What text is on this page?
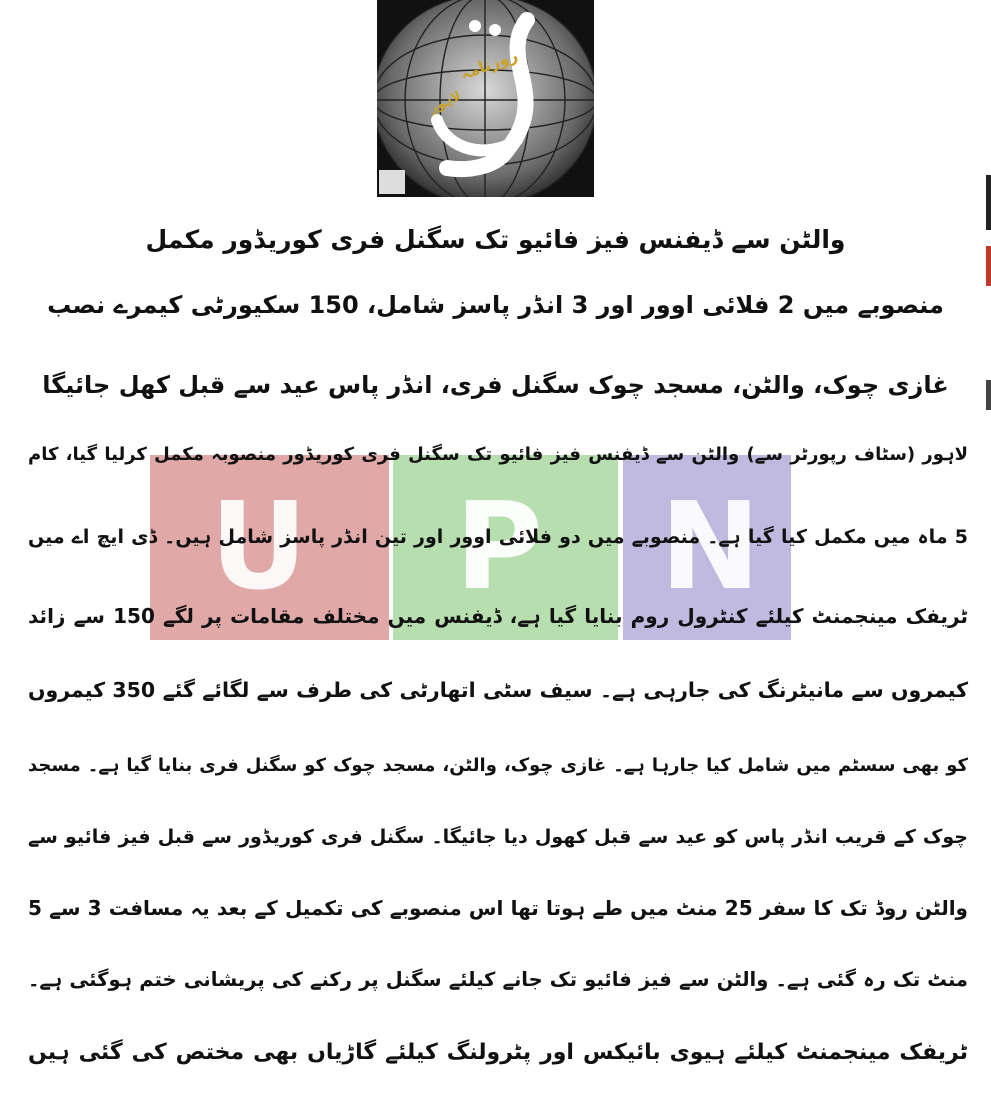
روزنامہ
لاہور
والٹن سے ڈیفنس فیز فائیو تک سگنل فری کوریڈور مکمل
منصوبے میں 2 فلائی اوور اور 3 انڈر پاسز شامل، 150 سکیورٹی کیمرے نصب
غازی چوک، والٹن، مسجد چوک سگنل فری، انڈر پاس عید سے قبل کھل جائیگا
U P N
لاہور (سٹاف رپورٹر سے) والٹن سے ڈیفنس فیز فائیو تک سگنل فری کوریڈور منصوبہ مکمل کرلیا گیا، کام
5 ماہ میں مکمل کیا گیا ہے۔ منصوبے میں دو فلائی اوور اور تین انڈر پاسز شامل ہیں۔ ڈی ایچ اے میں
ٹریفک مینجمنٹ کیلئے کنٹرول روم بنایا گیا ہے، ڈیفنس میں مختلف مقامات پر لگے 150 سے زائد
کیمروں سے مانیٹرنگ کی جارہی ہے۔ سیف سٹی اتھارٹی کی طرف سے لگائے گئے 350 کیمروں
کو بھی سسٹم میں شامل کیا جارہا ہے۔ غازی چوک، والٹن، مسجد چوک کو سگنل فری بنایا گیا ہے۔ مسجد
چوک کے قریب انڈر پاس کو عید سے قبل کھول دیا جائیگا۔ سگنل فری کوریڈور سے قبل فیز فائیو سے
والٹن روڈ تک کا سفر 25 منٹ میں طے ہوتا تھا اس منصوبے کی تکمیل کے بعد یہ مسافت 3 سے 5
منٹ تک رہ گئی ہے۔ والٹن سے فیز فائیو تک جانے کیلئے سگنل پر رکنے کی پریشانی ختم ہوگئی ہے۔
ٹریفک مینجمنٹ کیلئے ہیوی بائیکس اور پٹرولنگ کیلئے گاڑیاں بھی مختص کی گئی ہیں
